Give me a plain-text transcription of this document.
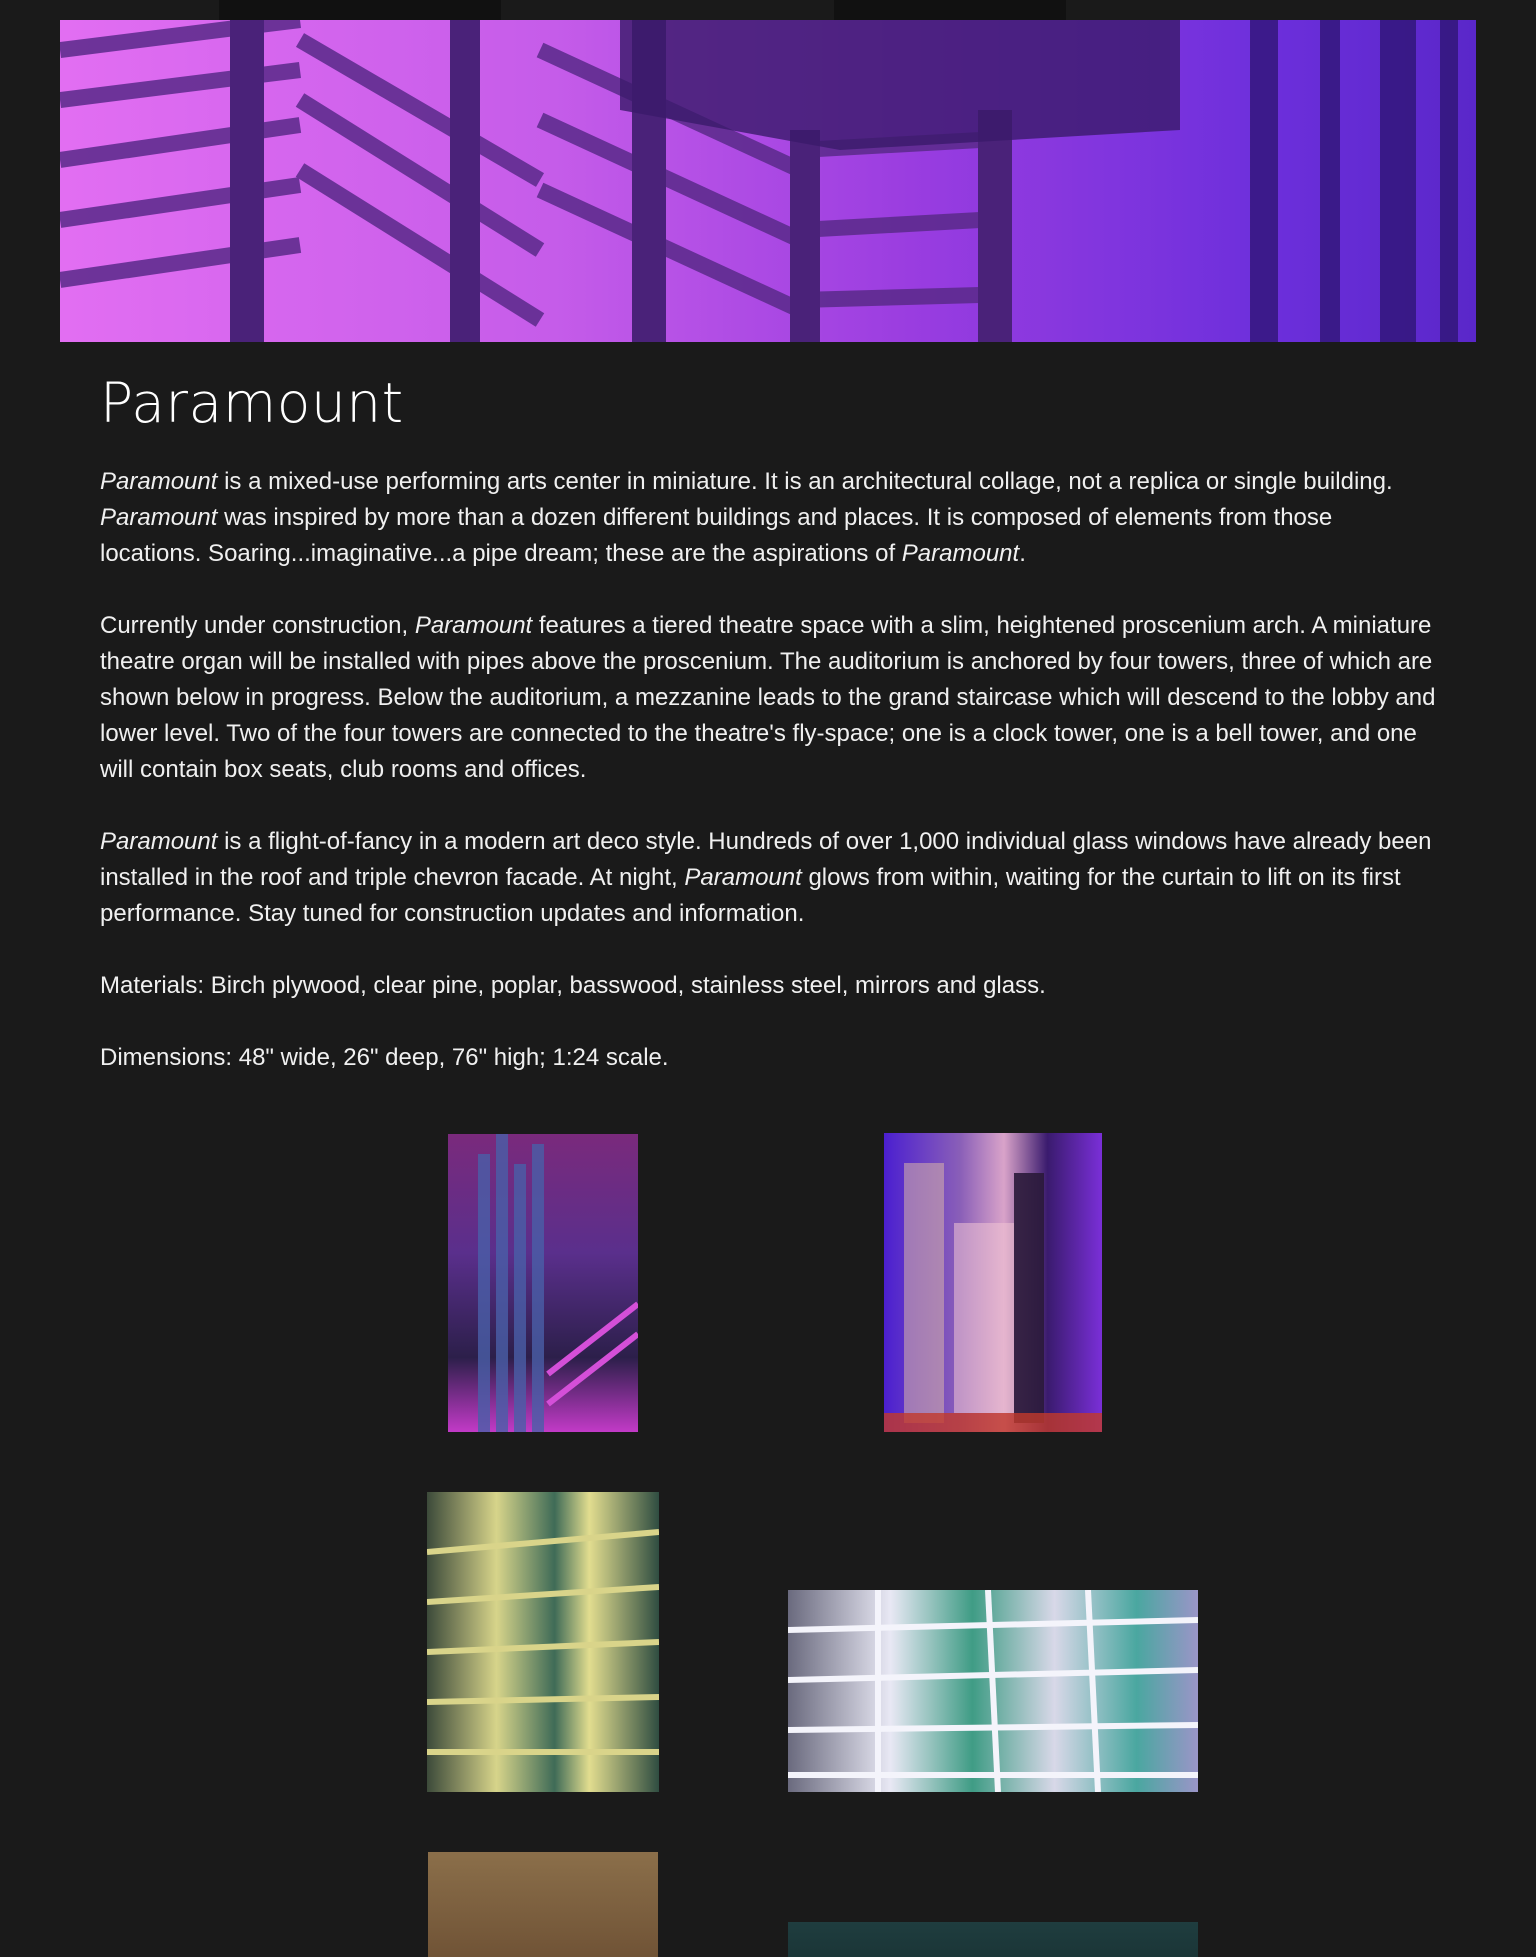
Paramount

Paramount is a mixed-use performing arts center in miniature. It is an architectural collage, not a replica or single building. Paramount was inspired by more than a dozen different buildings and places. It is composed of elements from those locations. Soaring...imaginative...a pipe dream; these are the aspirations of Paramount.

Currently under construction, Paramount features a tiered theatre space with a slim, heightened proscenium arch. A miniature theatre organ will be installed with pipes above the proscenium. The auditorium is anchored by four towers, three of which are shown below in progress. Below the auditorium, a mezzanine leads to the grand staircase which will descend to the lobby and lower level. Two of the four towers are connected to the theatre's fly-space; one is a clock tower, one is a bell tower, and one will contain box seats, club rooms and offices.

Paramount is a flight-of-fancy in a modern art deco style. Hundreds of over 1,000 individual glass windows have already been installed in the roof and triple chevron facade. At night, Paramount glows from within, waiting for the curtain to lift on its first performance. Stay tuned for construction updates and information.

Materials: Birch plywood, clear pine, poplar, basswood, stainless steel, mirrors and glass.

Dimensions: 48" wide, 26" deep, 76" high; 1:24 scale.
